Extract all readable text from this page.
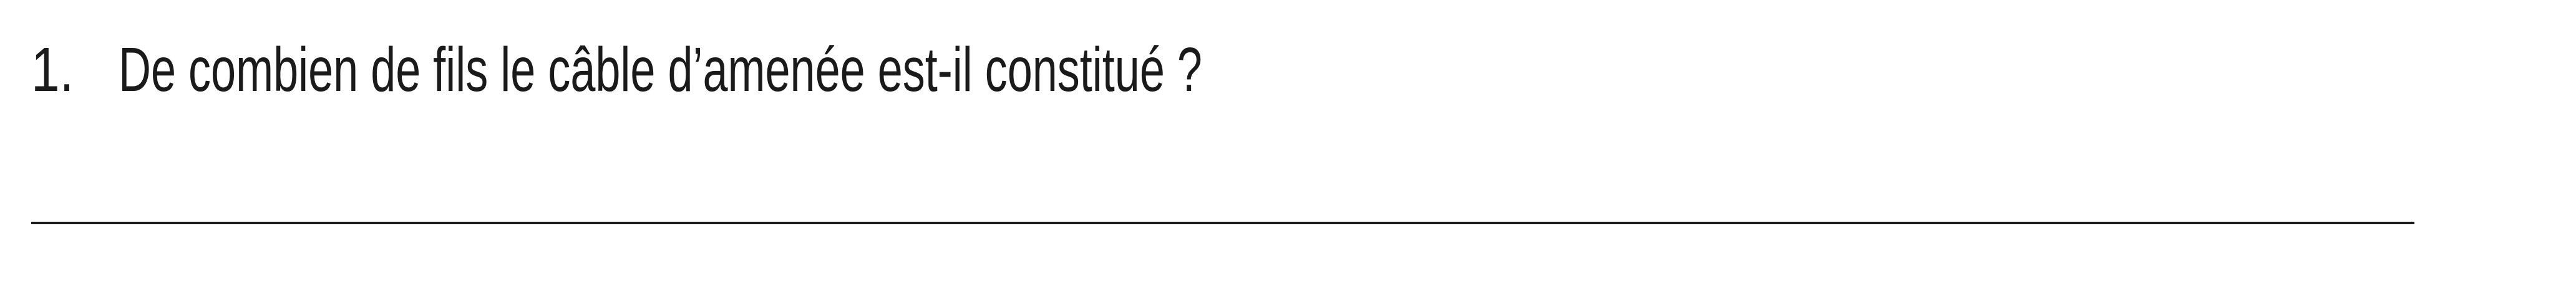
1. De combien de fils le câble d’amenée est-il constitué ?
